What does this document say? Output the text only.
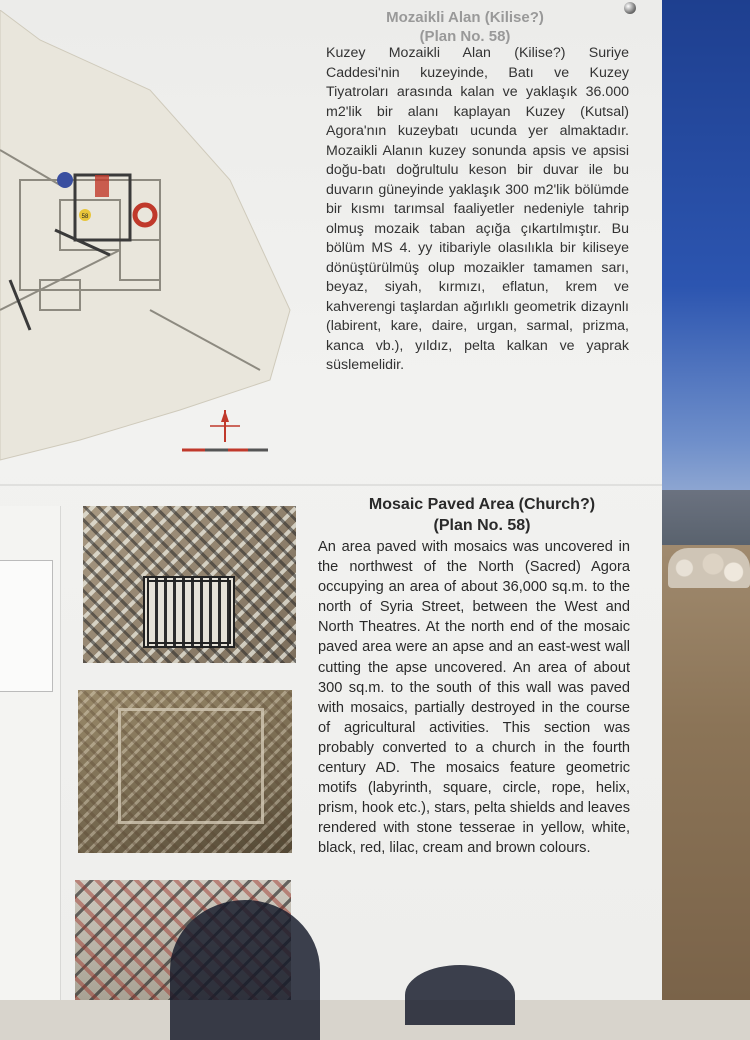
58
Mozaikli Alan (Kilise?)
(Plan No. 58)
Kuzey Mozaikli Alan (Kilise?) Suriye Caddesi'nin kuzeyinde, Batı ve Kuzey Tiyatroları arasında kalan ve yaklaşık 36.000 m2'lik bir alanı kaplayan Kuzey (Kutsal) Agora'nın kuzeybatı ucunda yer almaktadır. Mozaikli Alanın kuzey sonunda apsis ve apsisi doğu-batı doğrultulu keson bir duvar ile bu duvarın güneyinde yaklaşık 300 m2'lik bölümde bir kısmı tarımsal faaliyetler nedeniyle tahrip olmuş mozaik taban açığa çıkartılmıştır. Bu bölüm MS 4. yy itibariyle olasılıkla bir kiliseye dönüştürülmüş olup mozaikler tamamen sarı, beyaz, siyah, kırmızı, eflatun, krem ve kahverengi taşlardan ağırlıklı geometrik dizaynlı (labirent, kare, daire, urgan, sarmal, prizma, kanca vb.), yıldız, pelta kalkan ve yaprak süslemelidir.
Mosaic Paved Area (Church?)
(Plan No. 58)
An area paved with mosaics was uncovered in the northwest of the North (Sacred) Agora occupying an area of about 36,000 sq.m. to the north of Syria Street, between the West and North Theatres. At the north end of the mosaic paved area were an apse and an east-west wall cutting the apse uncovered. An area of about 300 sq.m. to the south of this wall was paved with mosaics, partially destroyed in the course of agricultural activities. This section was probably converted to a church in the fourth century AD. The mosaics feature geometric motifs (labyrinth, square, circle, rope, helix, prism, hook etc.), stars, pelta shields and leaves rendered with stone tesserae in yellow, white, black, red, lilac, cream and brown colours.
